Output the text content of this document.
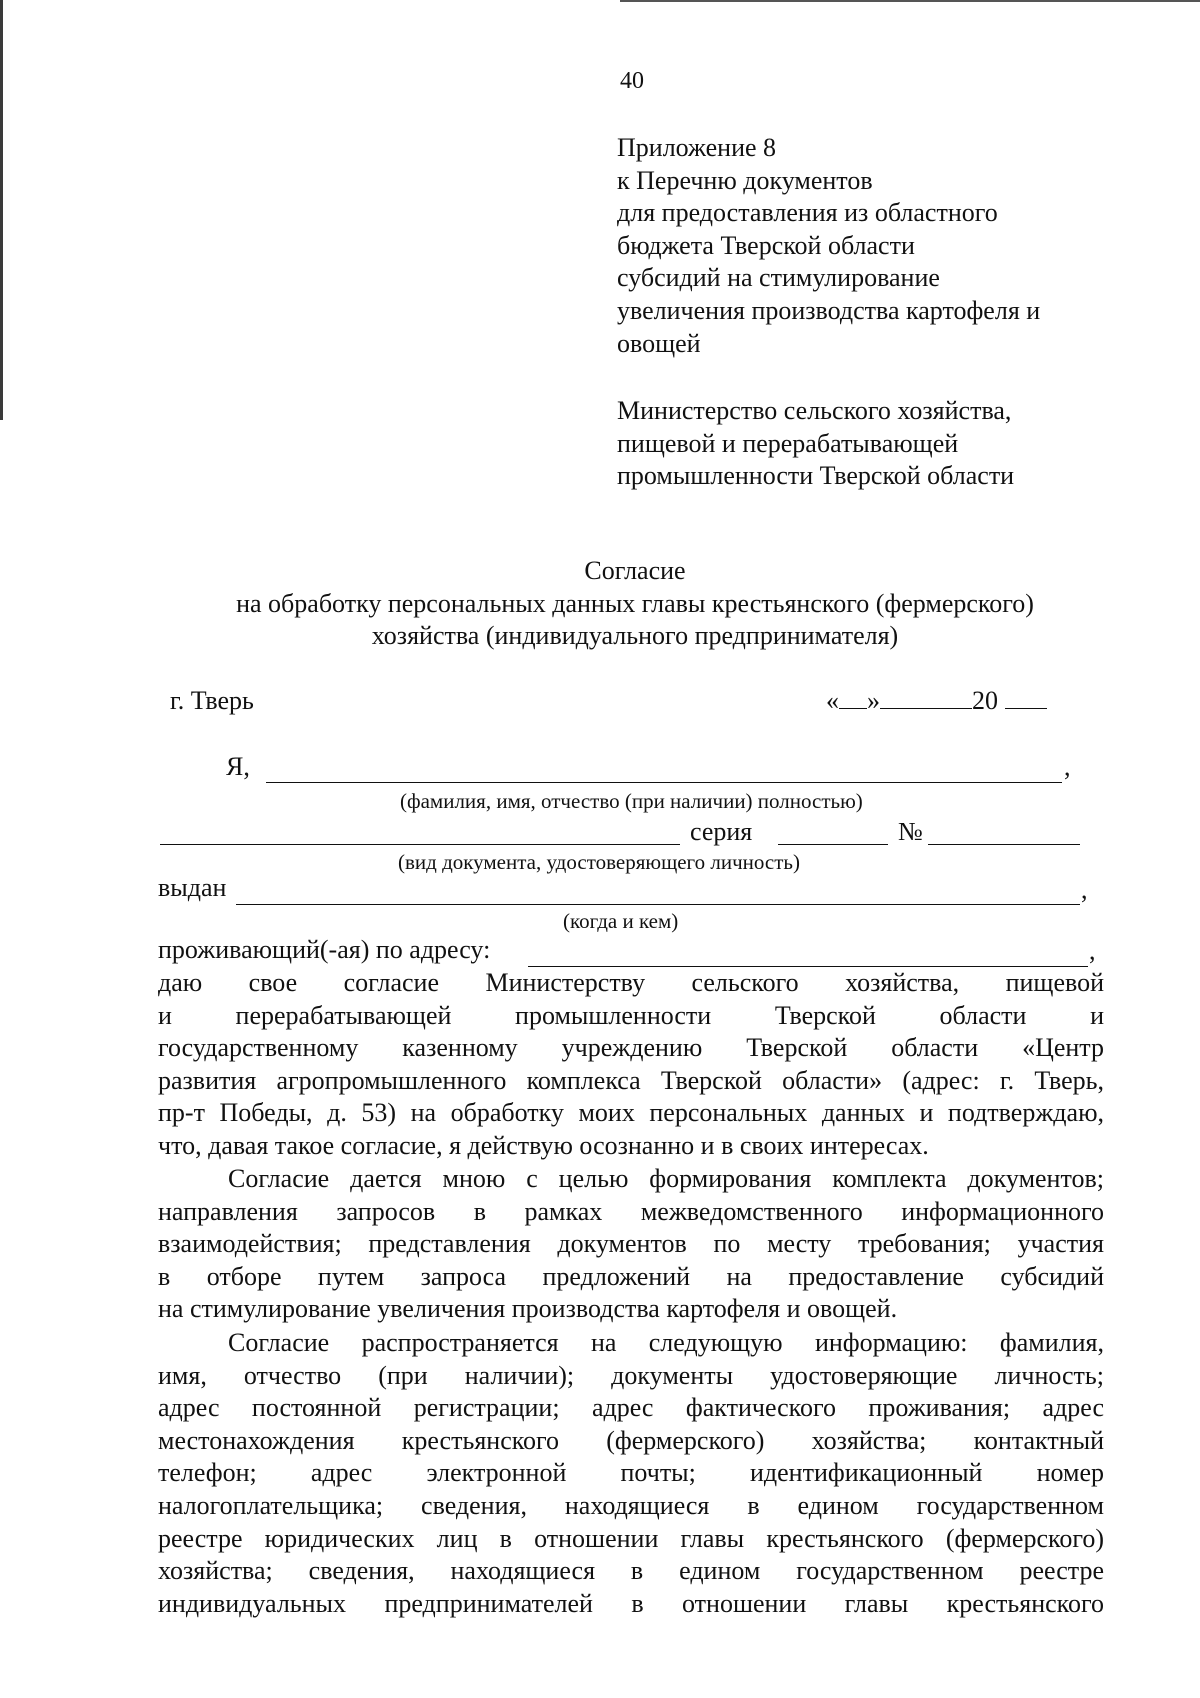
40
Приложение 8
к Перечню документов
для предоставления из областного
бюджета Тверской области
субсидий на стимулирование
увеличения производства картофеля и
овощей
Министерство сельского хозяйства,
пищевой и перерабатывающей
промышленности Тверской области
Согласие
на обработку персональных данных главы крестьянского (фермерского)
хозяйства (индивидуального предпринимателя)
г. Тверь	« »	20
Я,	,
(фамилия, имя, отчество (при наличии) полностью)
серия	№
(вид документа, удостоверяющего личность)
выдан	,
(когда и кем)
проживающий(-ая) по адресу:	,
даю свое согласие Министерству сельского хозяйства, пищевой
и перерабатывающей промышленности Тверской области и
государственному казенному учреждению Тверской области «Центр
развития агропромышленного комплекса Тверской области» (адрес: г. Тверь,
пр-т Победы, д. 53) на обработку моих персональных данных и подтверждаю,
что, давая такое согласие, я действую осознанно и в своих интересах.
Согласие дается мною с целью формирования комплекта документов;
направления запросов в рамках межведомственного информационного
взаимодействия; представления документов по месту требования; участия
в отборе путем запроса предложений на предоставление субсидий
на стимулирование увеличения производства картофеля и овощей.
Согласие распространяется на следующую информацию: фамилия,
имя, отчество (при наличии); документы удостоверяющие личность;
адрес постоянной регистрации; адрес фактического проживания; адрес
местонахождения крестьянского (фермерского) хозяйства; контактный
телефон; адрес электронной почты; идентификационный номер
налогоплательщика; сведения, находящиеся в едином государственном
реестре юридических лиц в отношении главы крестьянского (фермерского)
хозяйства; сведения, находящиеся в едином государственном реестре
индивидуальных предпринимателей в отношении главы крестьянского
